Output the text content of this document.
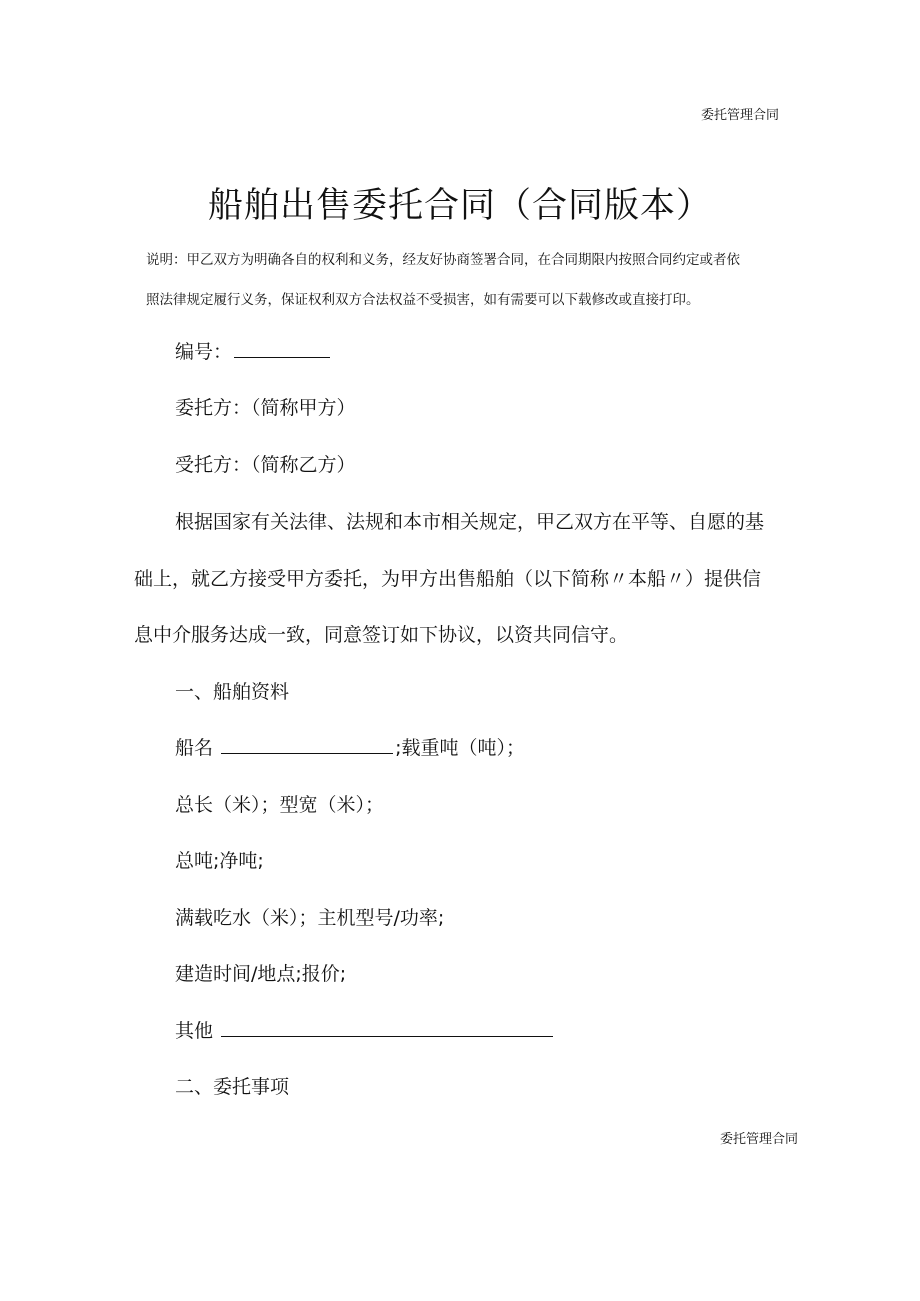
委托管理合同
船舶出售委托合同（合同版本）
说明：甲乙双方为明确各自的权利和义务，经友好协商签署合同，在合同期限内按照合同约定或者依
照法律规定履行义务，保证权利双方合法权益不受损害，如有需要可以下载修改或直接打印。
编号：
委托方：（简称甲方）
受托方：（简称乙方）
根据国家有关法律、法规和本市相关规定，甲乙双方在平等、自愿的基
础上，就乙方接受甲方委托，为甲方出售船舶（以下简称〃本船〃）提供信
息中介服务达成一致，同意签订如下协议，以资共同信守。
一、船舶资料
船名	;载重吨（吨）；
总长（米）；型宽（米）；
总吨;净吨;
满载吃水（米）；主机型号/功率;
建造时间/地点;报价;
其他
二、委托事项
委托管理合同
